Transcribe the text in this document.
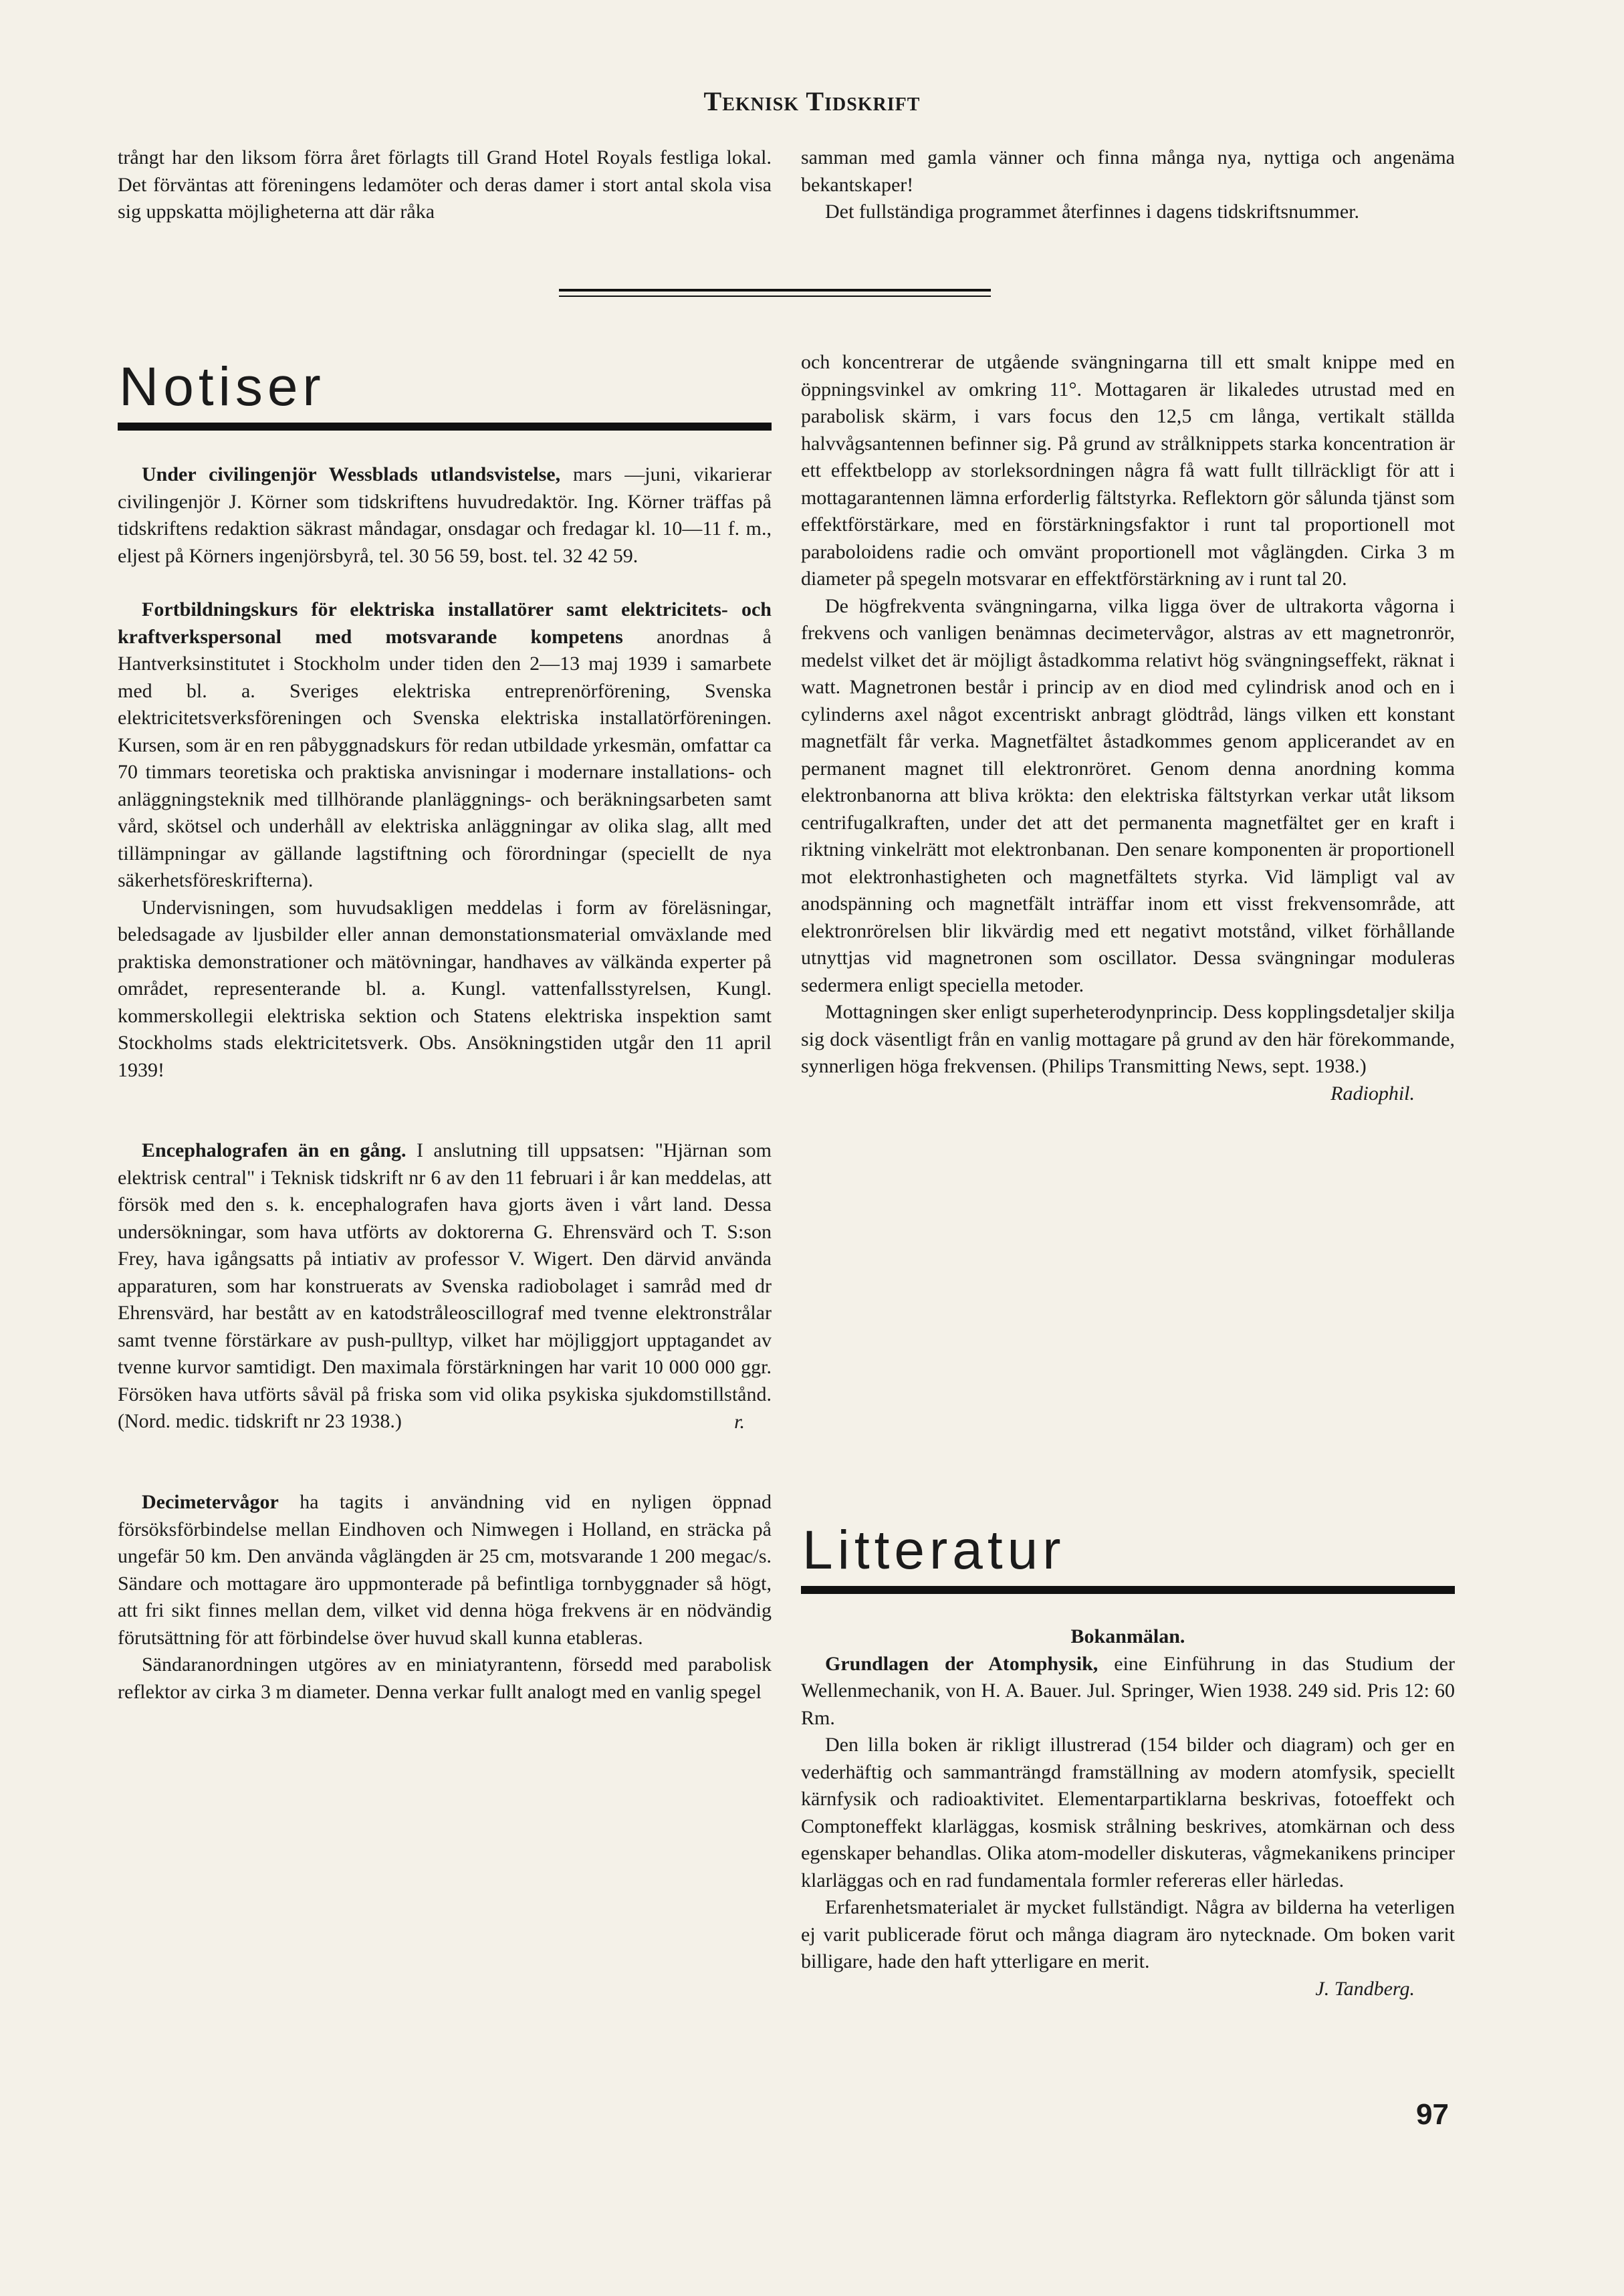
Teknisk Tidskrift

trångt har den liksom förra året förlagts till Grand Hotel Royals festliga lokal. Det förväntas att föreningens ledamöter och deras damer i stort antal skola visa sig uppskatta möjligheterna att där råka

samman med gamla vänner och finna många nya, nyttiga och angenäma bekantskaper!

Det fullständiga programmet återfinnes i dagens tidskriftsnummer.

Notiser

Under civilingenjör Wessblads utlandsvistelse, mars —juni, vikarierar civilingenjör J. Körner som tidskriftens huvudredaktör. Ing. Körner träffas på tidskriftens redaktion säkrast måndagar, onsdagar och fredagar kl. 10—11 f. m., eljest på Körners ingenjörsbyrå, tel. 30 56 59, bost. tel. 32 42 59.

Fortbildningskurs för elektriska installatörer samt elektricitets- och kraftverkspersonal med motsvarande kompetens anordnas å Hantverksinstitutet i Stockholm under tiden den 2—13 maj 1939 i samarbete med bl. a. Sveriges elektriska entreprenörförening, Svenska elektricitetsverksföreningen och Svenska elektriska installatörföreningen. Kursen, som är en ren påbyggnadskurs för redan utbildade yrkesmän, omfattar ca 70 timmars teoretiska och praktiska anvisningar i modernare installations- och anläggningsteknik med tillhörande planläggnings- och beräkningsarbeten samt vård, skötsel och underhåll av elektriska anläggningar av olika slag, allt med tillämpningar av gällande lagstiftning och förordningar (speciellt de nya säkerhetsföreskrifterna).

Undervisningen, som huvudsakligen meddelas i form av föreläsningar, beledsagade av ljusbilder eller annan demonstationsmaterial omväxlande med praktiska demonstrationer och mätövningar, handhaves av välkända experter på området, representerande bl. a. Kungl. vattenfallsstyrelsen, Kungl. kommerskollegii elektriska sektion och Statens elektriska inspektion samt Stockholms stads elektricitetsverk. Obs. Ansökningstiden utgår den 11 april 1939!

Encephalografen än en gång. I anslutning till uppsatsen: "Hjärnan som elektrisk central" i Teknisk tidskrift nr 6 av den 11 februari i år kan meddelas, att försök med den s. k. encephalografen hava gjorts även i vårt land. Dessa undersökningar, som hava utförts av doktorerna G. Ehrensvärd och T. S:son Frey, hava igångsatts på intiativ av professor V. Wigert. Den därvid använda apparaturen, som har konstruerats av Svenska radiobolaget i samråd med dr Ehrensvärd, har bestått av en katodstråleoscillograf med tvenne elektronstrålar samt tvenne förstärkare av push-pulltyp, vilket har möjliggjort upptagandet av tvenne kurvor samtidigt. Den maximala förstärkningen har varit 10 000 000 ggr. Försöken hava utförts såväl på friska som vid olika psykiska sjukdomstillstånd. (Nord. medic. tidskrift nr 23 1938.)	r.

Decimetervågor ha tagits i användning vid en nyligen öppnad försöksförbindelse mellan Eindhoven och Nimwegen i Holland, en sträcka på ungefär 50 km. Den använda våglängden är 25 cm, motsvarande 1 200 megac/s. Sändare och mottagare äro uppmonterade på befintliga tornbyggnader så högt, att fri sikt finnes mellan dem, vilket vid denna höga frekvens är en nödvändig förutsättning för att förbindelse över huvud skall kunna etableras.

Sändaranordningen utgöres av en miniatyrantenn, försedd med parabolisk reflektor av cirka 3 m diameter. Denna verkar fullt analogt med en vanlig spegel

och koncentrerar de utgående svängningarna till ett smalt knippe med en öppningsvinkel av omkring 11°. Mottagaren är likaledes utrustad med en parabolisk skärm, i vars focus den 12,5 cm långa, vertikalt ställda halvvågsantennen befinner sig. På grund av strålknippets starka koncentration är ett effektbelopp av storleksordningen några få watt fullt tillräckligt för att i mottagarantennen lämna erforderlig fältstyrka. Reflektorn gör sålunda tjänst som effektförstärkare, med en förstärkningsfaktor i runt tal proportionell mot paraboloidens radie och omvänt proportionell mot våglängden. Cirka 3 m diameter på spegeln motsvarar en effektförstärkning av i runt tal 20.

De högfrekventa svängningarna, vilka ligga över de ultrakorta vågorna i frekvens och vanligen benämnas decimetervågor, alstras av ett magnetronrör, medelst vilket det är möjligt åstadkomma relativt hög svängningseffekt, räknat i watt. Magnetronen består i princip av en diod med cylindrisk anod och en i cylinderns axel något excentriskt anbragt glödtråd, längs vilken ett konstant magnetfält får verka. Magnetfältet åstadkommes genom applicerandet av en permanent magnet till elektronröret. Genom denna anordning komma elektronbanorna att bliva krökta: den elektriska fältstyrkan verkar utåt liksom centrifugalkraften, under det att det permanenta magnetfältet ger en kraft i riktning vinkelrätt mot elektronbanan. Den senare komponenten är proportionell mot elektronhastigheten och magnetfältets styrka. Vid lämpligt val av anodspänning och magnetfält inträffar inom ett visst frekvensområde, att elektronrörelsen blir likvärdig med ett negativt motstånd, vilket förhållande utnyttjas vid magnetronen som oscillator. Dessa svängningar moduleras sedermera enligt speciella metoder.

Mottagningen sker enligt superheterodynprincip. Dess kopplingsdetaljer skilja sig dock väsentligt från en vanlig mottagare på grund av den här förekommande, synnerligen höga frekvensen. (Philips Transmitting News, sept. 1938.)

Radiophil.

Litteratur

Bokanmälan.

Grundlagen der Atomphysik, eine Einführung in das Studium der Wellenmechanik, von H. A. Bauer. Jul. Springer, Wien 1938. 249 sid. Pris 12: 60 Rm.

Den lilla boken är rikligt illustrerad (154 bilder och diagram) och ger en vederhäftig och sammanträngd framställning av modern atomfysik, speciellt kärnfysik och radioaktivitet. Elementarpartiklarna beskrivas, fotoeffekt och Comptoneffekt klarläggas, kosmisk strålning beskrives, atomkärnan och dess egenskaper behandlas. Olika atom-modeller diskuteras, vågmekanikens principer klarläggas och en rad fundamentala formler refereras eller härledas.

Erfarenhetsmaterialet är mycket fullständigt. Några av bilderna ha veterligen ej varit publicerade förut och många diagram äro nytecknade. Om boken varit billigare, hade den haft ytterligare en merit.

J. Tandberg.

97
